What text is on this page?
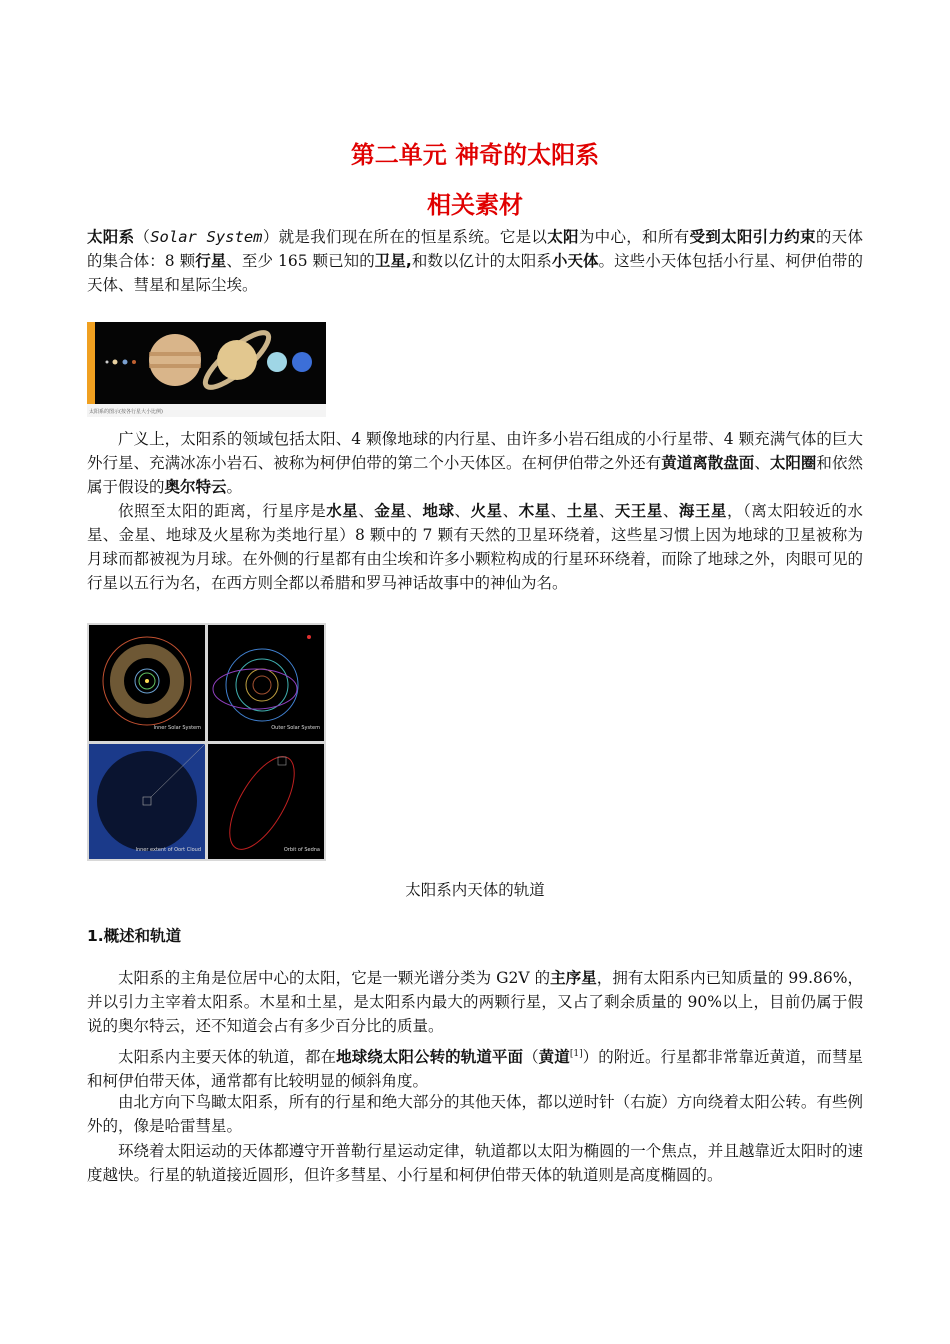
第二单元 神奇的太阳系
相关素材

太阳系（Solar System）就是我们现在所在的恒星系统。它是以太阳为中心，和所有受到太阳引力约束的天体的集合体：8 颗行星、至少 165 颗已知的卫星,和数以亿计的太阳系小天体。这些小天体包括小行星、柯伊伯带的天体、彗星和星际尘埃。

太阳系的图示(按各行星大小比例)

广义上，太阳系的领域包括太阳、4 颗像地球的内行星、由许多小岩石组成的小行星带、4 颗充满气体的巨大外行星、充满冰冻小岩石、被称为柯伊伯带的第二个小天体区。在柯伊伯带之外还有黄道离散盘面、太阳圈和依然属于假设的奥尔特云。

依照至太阳的距离，行星序是水星、金星、地球、火星、木星、土星、天王星、海王星，（离太阳较近的水星、金星、地球及火星称为类地行星）8 颗中的 7 颗有天然的卫星环绕着，这些星习惯上因为地球的卫星被称为月球而都被视为月球。在外侧的行星都有由尘埃和许多小颗粒构成的行星环环绕着，而除了地球之外，肉眼可见的行星以五行为名，在西方则全都以希腊和罗马神话故事中的神仙为名。

Inner Solar System	Outer Solar System
Inner extent of Oort Cloud	Orbit of Sedna
太阳系内天体的轨道
1.概述和轨道

太阳系的主角是位居中心的太阳，它是一颗光谱分类为 G2V 的主序星，拥有太阳系内已知质量的 99.86%，并以引力主宰着太阳系。木星和土星，是太阳系内最大的两颗行星，又占了剩余质量的 90%以上，目前仍属于假说的奥尔特云，还不知道会占有多少百分比的质量。

太阳系内主要天体的轨道，都在地球绕太阳公转的轨道平面（黄道[1]）的附近。行星都非常靠近黄道，而彗星和柯伊伯带天体，通常都有比较明显的倾斜角度。

由北方向下鸟瞰太阳系，所有的行星和绝大部分的其他天体，都以逆时针（右旋）方向绕着太阳公转。有些例外的，像是哈雷彗星。

环绕着太阳运动的天体都遵守开普勒行星运动定律，轨道都以太阳为椭圆的一个焦点，并且越靠近太阳时的速度越快。行星的轨道接近圆形，但许多彗星、小行星和柯伊伯带天体的轨道则是高度椭圆的。
